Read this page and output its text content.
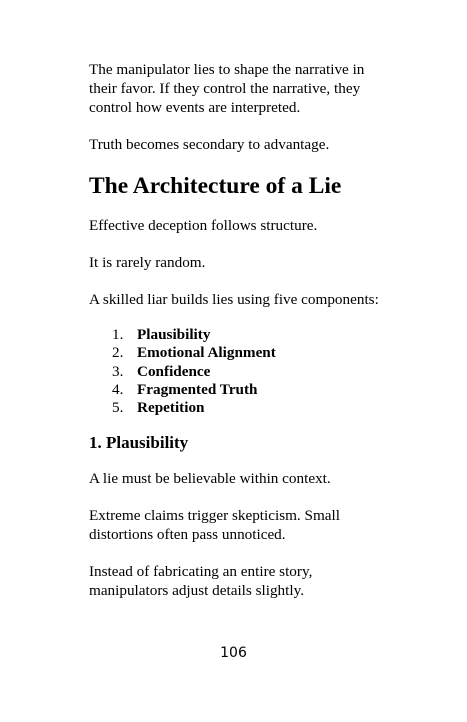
The manipulator lies to shape the narrative in their favor. If they control the narrative, they control how events are interpreted.

Truth becomes secondary to advantage.

The Architecture of a Lie

Effective deception follows structure.

It is rarely random.

A skilled liar builds lies using five components:

1. Plausibility
2. Emotional Alignment
3. Confidence
4. Fragmented Truth
5. Repetition
1. Plausibility

A lie must be believable within context.

Extreme claims trigger skepticism. Small distortions often pass unnoticed.

Instead of fabricating an entire story, manipulators adjust details slightly.

106
